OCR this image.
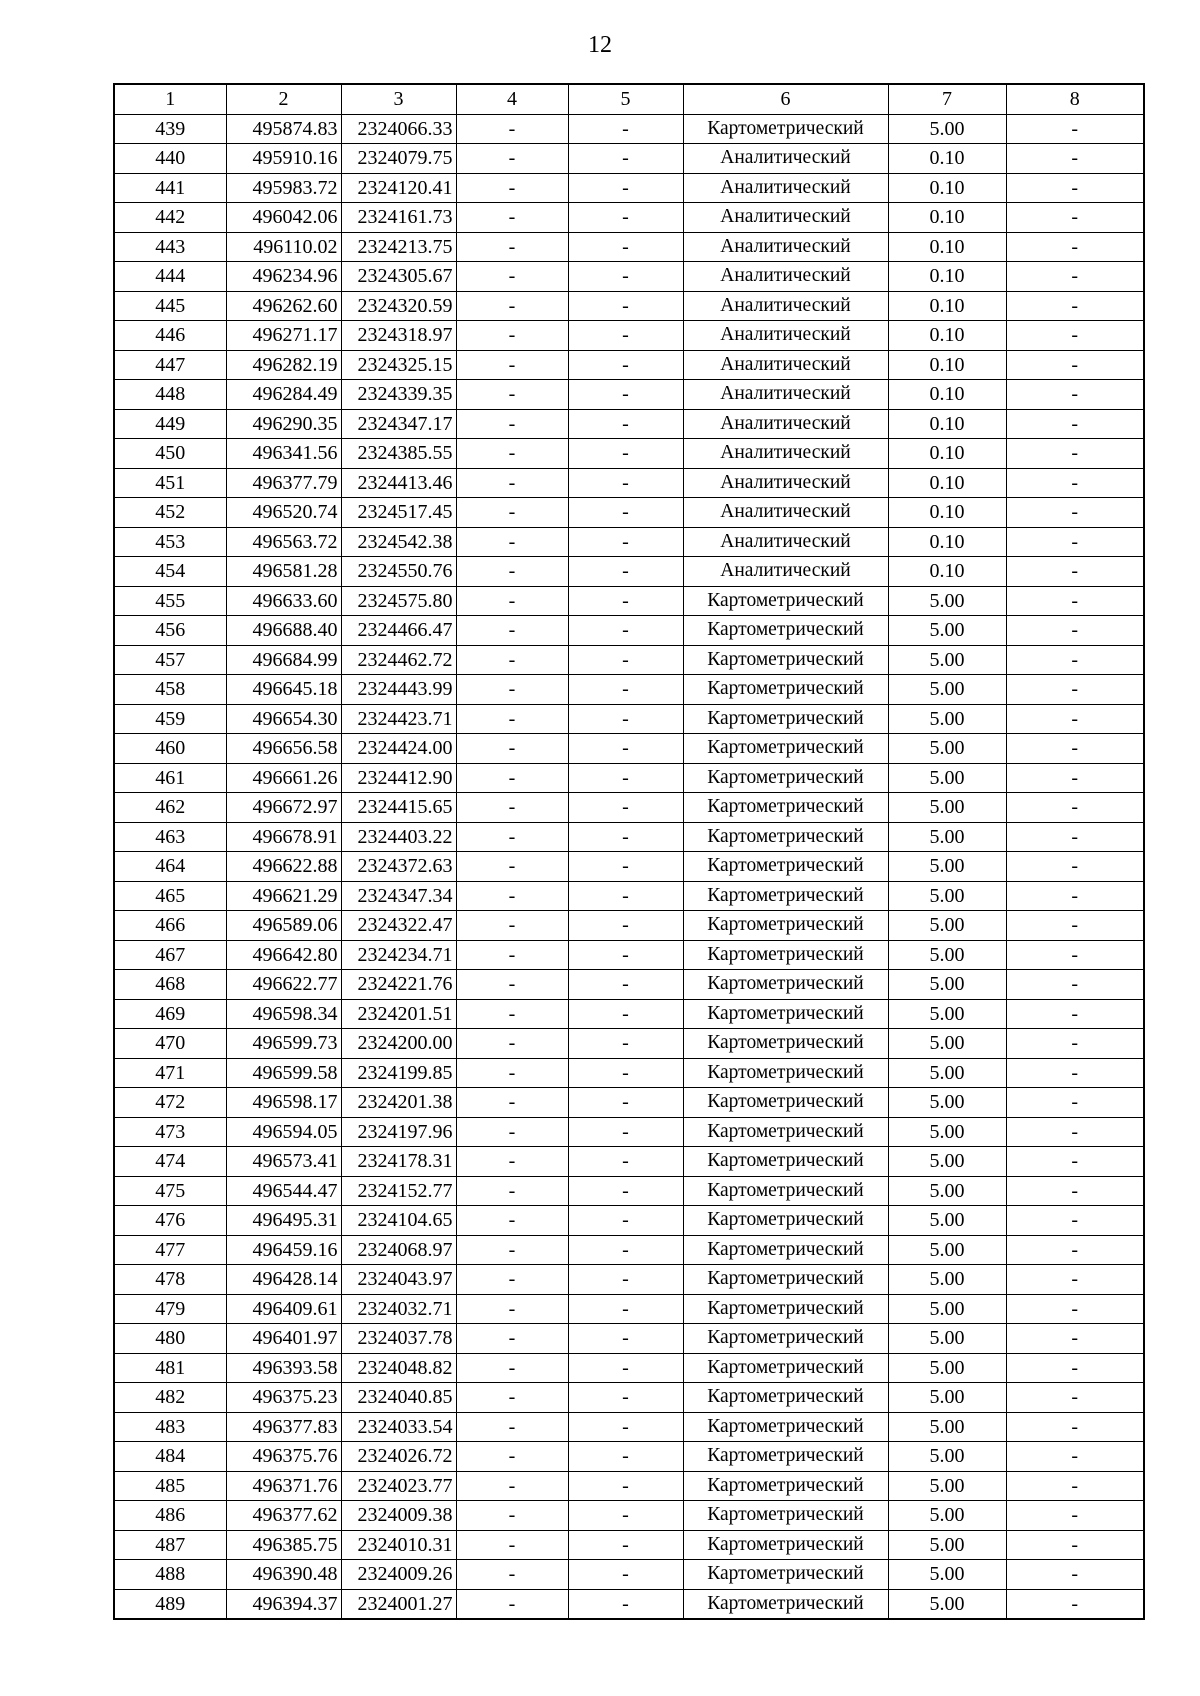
12
1	2	3	4	5	6	7	8
439	495874.83	2324066.33	-	-	Картометрический	5.00	-
440	495910.16	2324079.75	-	-	Аналитический	0.10	-
441	495983.72	2324120.41	-	-	Аналитический	0.10	-
442	496042.06	2324161.73	-	-	Аналитический	0.10	-
443	496110.02	2324213.75	-	-	Аналитический	0.10	-
444	496234.96	2324305.67	-	-	Аналитический	0.10	-
445	496262.60	2324320.59	-	-	Аналитический	0.10	-
446	496271.17	2324318.97	-	-	Аналитический	0.10	-
447	496282.19	2324325.15	-	-	Аналитический	0.10	-
448	496284.49	2324339.35	-	-	Аналитический	0.10	-
449	496290.35	2324347.17	-	-	Аналитический	0.10	-
450	496341.56	2324385.55	-	-	Аналитический	0.10	-
451	496377.79	2324413.46	-	-	Аналитический	0.10	-
452	496520.74	2324517.45	-	-	Аналитический	0.10	-
453	496563.72	2324542.38	-	-	Аналитический	0.10	-
454	496581.28	2324550.76	-	-	Аналитический	0.10	-
455	496633.60	2324575.80	-	-	Картометрический	5.00	-
456	496688.40	2324466.47	-	-	Картометрический	5.00	-
457	496684.99	2324462.72	-	-	Картометрический	5.00	-
458	496645.18	2324443.99	-	-	Картометрический	5.00	-
459	496654.30	2324423.71	-	-	Картометрический	5.00	-
460	496656.58	2324424.00	-	-	Картометрический	5.00	-
461	496661.26	2324412.90	-	-	Картометрический	5.00	-
462	496672.97	2324415.65	-	-	Картометрический	5.00	-
463	496678.91	2324403.22	-	-	Картометрический	5.00	-
464	496622.88	2324372.63	-	-	Картометрический	5.00	-
465	496621.29	2324347.34	-	-	Картометрический	5.00	-
466	496589.06	2324322.47	-	-	Картометрический	5.00	-
467	496642.80	2324234.71	-	-	Картометрический	5.00	-
468	496622.77	2324221.76	-	-	Картометрический	5.00	-
469	496598.34	2324201.51	-	-	Картометрический	5.00	-
470	496599.73	2324200.00	-	-	Картометрический	5.00	-
471	496599.58	2324199.85	-	-	Картометрический	5.00	-
472	496598.17	2324201.38	-	-	Картометрический	5.00	-
473	496594.05	2324197.96	-	-	Картометрический	5.00	-
474	496573.41	2324178.31	-	-	Картометрический	5.00	-
475	496544.47	2324152.77	-	-	Картометрический	5.00	-
476	496495.31	2324104.65	-	-	Картометрический	5.00	-
477	496459.16	2324068.97	-	-	Картометрический	5.00	-
478	496428.14	2324043.97	-	-	Картометрический	5.00	-
479	496409.61	2324032.71	-	-	Картометрический	5.00	-
480	496401.97	2324037.78	-	-	Картометрический	5.00	-
481	496393.58	2324048.82	-	-	Картометрический	5.00	-
482	496375.23	2324040.85	-	-	Картометрический	5.00	-
483	496377.83	2324033.54	-	-	Картометрический	5.00	-
484	496375.76	2324026.72	-	-	Картометрический	5.00	-
485	496371.76	2324023.77	-	-	Картометрический	5.00	-
486	496377.62	2324009.38	-	-	Картометрический	5.00	-
487	496385.75	2324010.31	-	-	Картометрический	5.00	-
488	496390.48	2324009.26	-	-	Картометрический	5.00	-
489	496394.37	2324001.27	-	-	Картометрический	5.00	-
